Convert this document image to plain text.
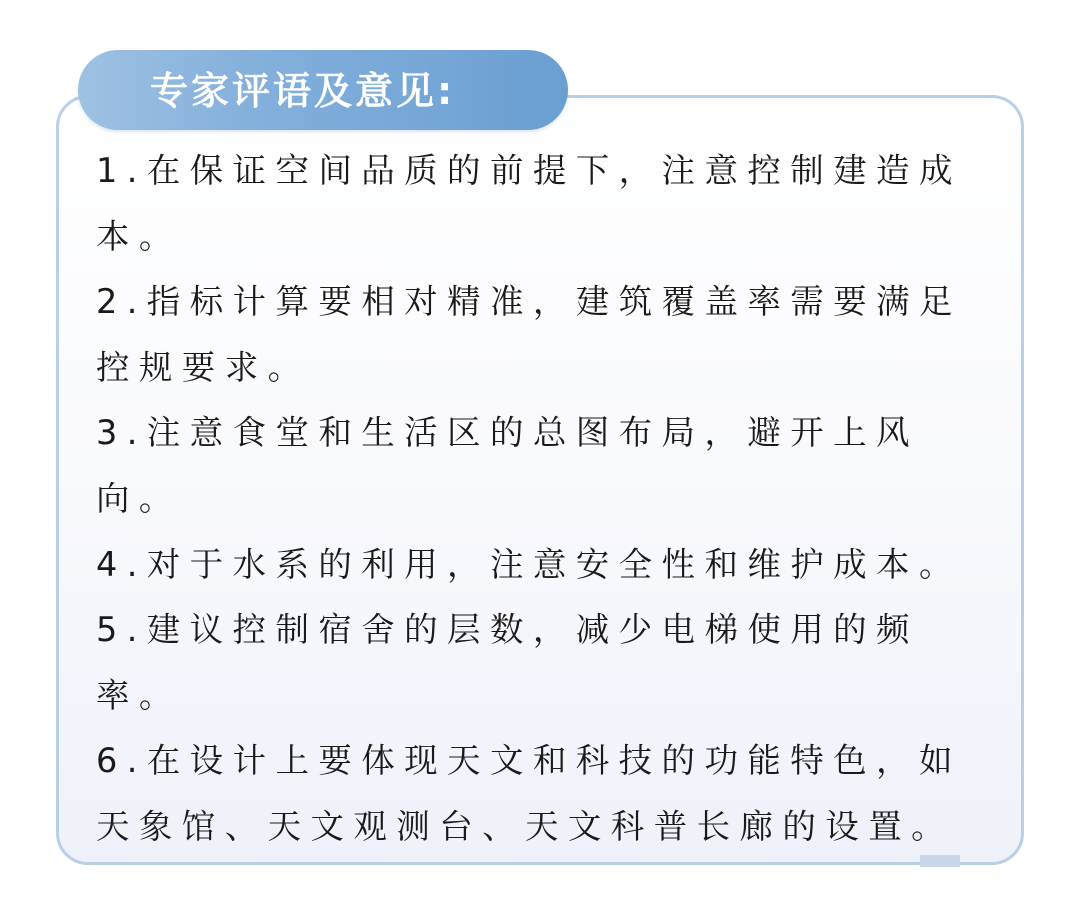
专家评语及意见:
1.在保证空间品质的前提下，注意控制建造成本。
2.指标计算要相对精准，建筑覆盖率需要满足控规要求。
3.注意食堂和生活区的总图布局，避开上风向。
4.对于水系的利用，注意安全性和维护成本。
5.建议控制宿舍的层数，减少电梯使用的频率。
6.在设计上要体现天文和科技的功能特色，如天象馆、天文观测台、天文科普长廊的设置。
